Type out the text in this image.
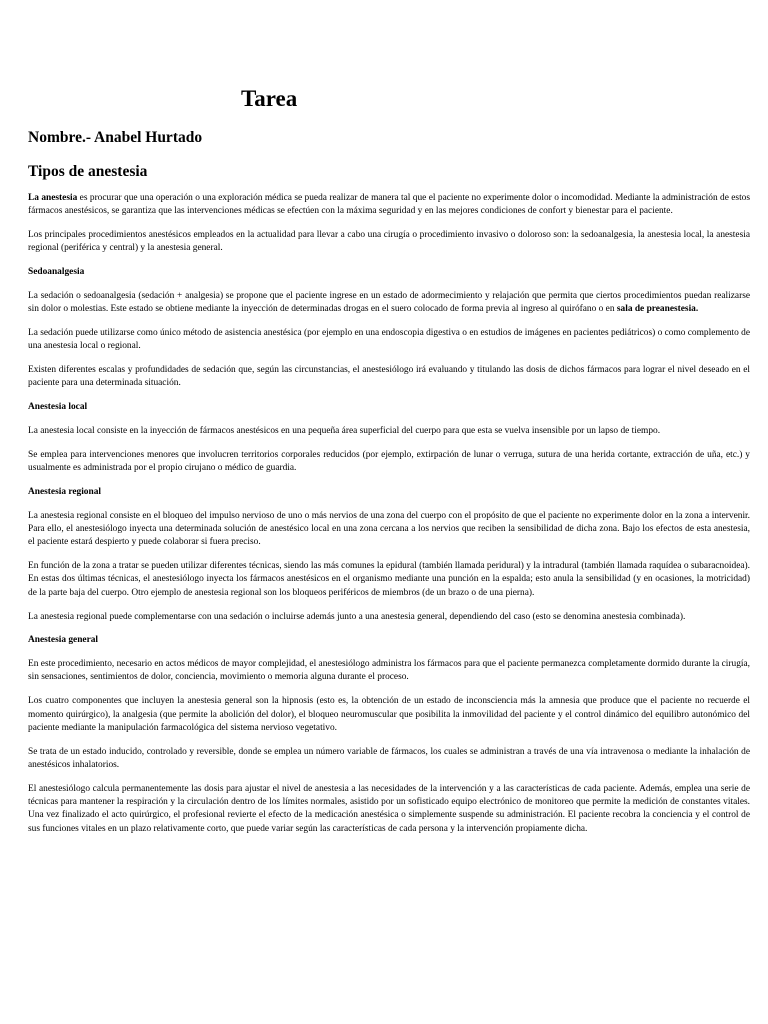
Tarea
Nombre.- Anabel Hurtado
Tipos de anestesia

La anestesia es procurar que una operación o una exploración médica se pueda realizar de manera tal que el paciente no experimente dolor o incomodidad. Mediante la administración de estos fármacos anestésicos, se garantiza que las intervenciones médicas se efectúen con la máxima seguridad y en las mejores condiciones de confort y bienestar para el paciente.

Los principales procedimientos anestésicos empleados en la actualidad para llevar a cabo una cirugía o procedimiento invasivo o doloroso son: la sedoanalgesia, la anestesia local, la anestesia regional (periférica y central) y la anestesia general.

Sedoanalgesia

La sedación o sedoanalgesia (sedación + analgesia) se propone que el paciente ingrese en un estado de adormecimiento y relajación que permita que ciertos procedimientos puedan realizarse sin dolor o molestias. Este estado se obtiene mediante la inyección de determinadas drogas en el suero colocado de forma previa al ingreso al quirófano o en sala de preanestesia.

La sedación puede utilizarse como único método de asistencia anestésica (por ejemplo en una endoscopia digestiva o en estudios de imágenes en pacientes pediátricos) o como complemento de una anestesia local o regional.

Existen diferentes escalas y profundidades de sedación que, según las circunstancias, el anestesiólogo irá evaluando y titulando las dosis de dichos fármacos para lograr el nivel deseado en el paciente para una determinada situación.

Anestesia local

La anestesia local consiste en la inyección de fármacos anestésicos en una pequeña área superficial del cuerpo para que esta se vuelva insensible por un lapso de tiempo.

Se emplea para intervenciones menores que involucren territorios corporales reducidos (por ejemplo, extirpación de lunar o verruga, sutura de una herida cortante, extracción de uña, etc.) y usualmente es administrada por el propio cirujano o médico de guardia.

Anestesia regional

La anestesia regional consiste en el bloqueo del impulso nervioso de uno o más nervios de una zona del cuerpo con el propósito de que el paciente no experimente dolor en la zona a intervenir. Para ello, el anestesiólogo inyecta una determinada solución de anestésico local en una zona cercana a los nervios que reciben la sensibilidad de dicha zona. Bajo los efectos de esta anestesia, el paciente estará despierto y puede colaborar si fuera preciso.

En función de la zona a tratar se pueden utilizar diferentes técnicas, siendo las más comunes la epidural (también llamada peridural) y la intradural (también llamada raquídea o subaracnoidea). En estas dos últimas técnicas, el anestesiólogo inyecta los fármacos anestésicos en el organismo mediante una punción en la espalda; esto anula la sensibilidad (y en ocasiones, la motricidad) de la parte baja del cuerpo. Otro ejemplo de anestesia regional son los bloqueos periféricos de miembros (de un brazo o de una pierna).

La anestesia regional puede complementarse con una sedación o incluirse además junto a una anestesia general, dependiendo del caso (esto se denomina anestesia combinada).

Anestesia general

En este procedimiento, necesario en actos médicos de mayor complejidad, el anestesiólogo administra los fármacos para que el paciente permanezca completamente dormido durante la cirugía, sin sensaciones, sentimientos de dolor, conciencia, movimiento o memoria alguna durante el proceso.

Los cuatro componentes que incluyen la anestesia general son la hipnosis (esto es, la obtención de un estado de inconsciencia más la amnesia que produce que el paciente no recuerde el momento quirúrgico), la analgesia (que permite la abolición del dolor), el bloqueo neuromuscular que posibilita la inmovilidad del paciente y el control dinámico del equilibro autonómico del paciente mediante la manipulación farmacológica del sistema nervioso vegetativo.

Se trata de un estado inducido, controlado y reversible, donde se emplea un número variable de fármacos, los cuales se administran a través de una vía intravenosa o mediante la inhalación de anestésicos inhalatorios.

El anestesiólogo calcula permanentemente las dosis para ajustar el nivel de anestesia a las necesidades de la intervención y a las características de cada paciente. Además, emplea una serie de técnicas para mantener la respiración y la circulación dentro de los límites normales, asistido por un sofisticado equipo electrónico de monitoreo que permite la medición de constantes vitales. Una vez finalizado el acto quirúrgico, el profesional revierte el efecto de la medicación anestésica o simplemente suspende su administración. El paciente recobra la conciencia y el control de sus funciones vitales en un plazo relativamente corto, que puede variar según las características de cada persona y la intervención propiamente dicha.
